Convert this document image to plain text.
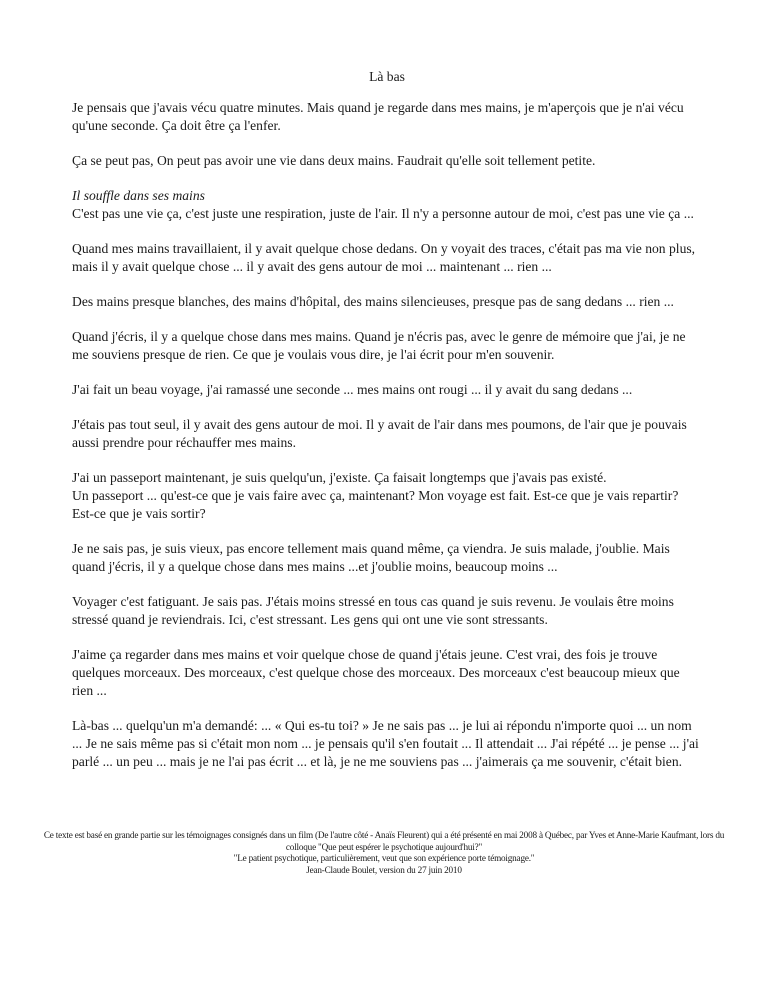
Là bas
Je pensais que j'avais vécu quatre minutes. Mais quand je regarde dans mes mains, je m'aperçois que je n'ai vécu qu'une seconde. Ça doit être ça l'enfer.
Ça se peut pas, On peut pas avoir une vie dans deux mains. Faudrait qu'elle soit tellement petite.
Il souffle dans ses mains
C'est pas une vie ça, c'est juste une respiration, juste de l'air. Il n'y a personne autour de moi, c'est pas une vie ça ...
Quand mes mains travaillaient, il y avait quelque chose dedans. On y voyait des traces, c'était pas ma vie non plus, mais il y avait quelque chose ... il y avait des gens autour de moi ... maintenant ... rien ...
Des mains presque blanches, des mains d'hôpital, des mains silencieuses, presque pas de sang dedans ... rien ...
Quand j'écris, il y a quelque chose dans mes mains. Quand je n'écris pas, avec le genre de mémoire que j'ai, je ne me souviens presque de rien. Ce que je voulais vous dire, je l'ai écrit pour m'en souvenir.
J'ai fait un beau voyage, j'ai ramassé une seconde ... mes mains ont rougi ... il y avait du sang dedans ...
J'étais pas tout seul, il y avait des gens autour de moi. Il y avait de l'air dans mes poumons, de l'air que je pouvais aussi prendre pour réchauffer mes mains.
J'ai un passeport maintenant, je suis quelqu'un, j'existe. Ça faisait longtemps que j'avais pas existé.
Un passeport ... qu'est-ce que je vais faire avec ça, maintenant? Mon voyage est fait. Est-ce que je vais repartir? Est-ce que je vais sortir?
Je ne sais pas, je suis vieux, pas encore tellement mais quand même, ça viendra. Je suis malade, j'oublie. Mais quand j'écris, il y a quelque chose dans mes mains ...et j'oublie moins, beaucoup moins ...
Voyager c'est fatiguant. Je sais pas. J'étais moins stressé en tous cas quand je suis revenu. Je voulais être moins stressé quand je reviendrais. Ici, c'est stressant. Les gens qui ont une vie sont stressants.
J'aime ça regarder dans mes mains et voir quelque chose de quand j'étais jeune. C'est vrai, des fois je trouve quelques morceaux. Des morceaux, c'est quelque chose des morceaux. Des morceaux c'est beaucoup mieux que rien ...
Là-bas ... quelqu'un m'a demandé: ... « Qui es-tu toi? » Je ne sais pas ... je lui ai répondu n'importe quoi ... un nom ... Je ne sais même pas si c'était mon nom ... je pensais qu'il s'en foutait ... Il attendait ... J'ai répété ... je pense ... j'ai parlé ... un peu ... mais je ne l'ai pas écrit ... et là, je ne me souviens pas ... j'aimerais ça me souvenir, c'était bien.
Ce texte est basé en grande partie sur les témoignages consignés dans un film (De l'autre côté - Anaïs Fleurent) qui a été présenté en mai 2008 à Québec, par Yves et Anne-Marie Kaufmant, lors du colloque "Que peut espérer le psychotique aujourd'hui?"
"Le patient psychotique, particulièrement, veut que son expérience porte témoignage."
Jean-Claude Boulet, version du 27 juin 2010
